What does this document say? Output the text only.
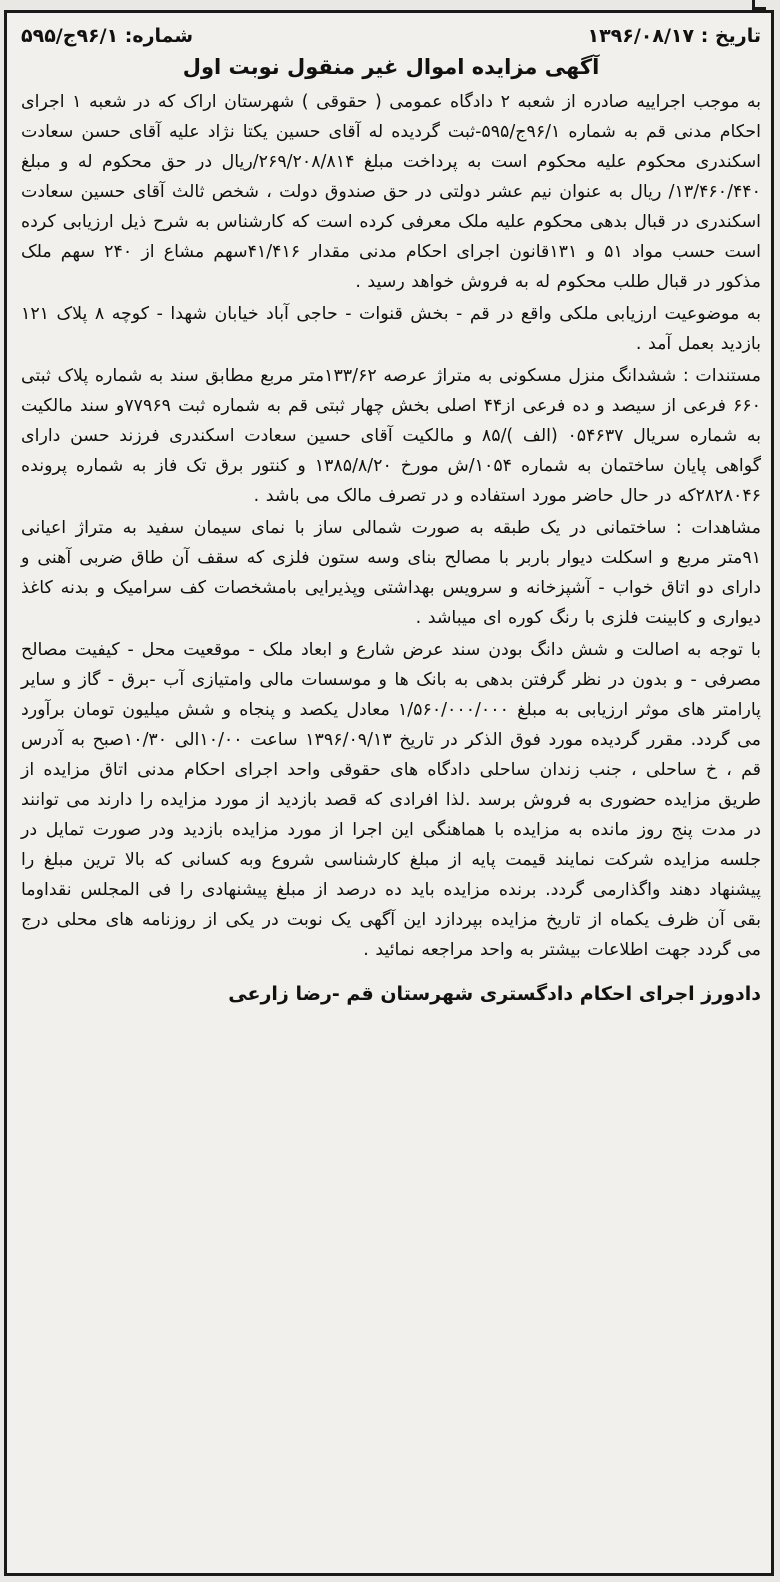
تاریخ : ۱۳۹۶/۰۸/۱۷
شماره: ۹۶/۱ج/۵۹۵
آگهی مزایده اموال غیر منقول نوبت اول

به موجب اجراییه صادره از شعبه ۲ دادگاه عمومی ( حقوقی ) شهرستان اراک که در شعبه ۱ اجرای احکام مدنی قم به شماره ۹۶/۱ج/۵۹۵-ثبت گردیده له آقای حسین یکتا نژاد علیه آقای حسن سعادت اسکندری محکوم علیه محکوم است به پرداخت مبلغ ۲۶۹/۲۰۸/۸۱۴/ریال در حق محکوم له و مبلغ ۱۳/۴۶۰/۴۴۰/ ریال به عنوان نیم عشر دولتی در حق صندوق دولت ، شخص ثالث آقای حسین سعادت اسکندری در قبال بدهی محکوم علیه ملک معرفی کرده است که کارشناس به شرح ذیل ارزیابی کرده است حسب مواد ۵۱ و ۱۳۱قانون اجرای احکام مدنی مقدار ۴۱/۴۱۶سهم مشاع از ۲۴۰ سهم ملک مذکور در قبال طلب محکوم له به فروش خواهد رسید .

به موضوعیت ارزیابی ملکی واقع در قم - بخش قنوات - حاجی آباد خیابان شهدا - کوچه ۸ پلاک ۱۲۱ بازدید بعمل آمد .

مستندات : ششدانگ منزل مسکونی به متراژ عرصه ۱۳۳/۶۲متر مربع مطابق سند به شماره پلاک ثبتی ۶۶۰ فرعی از سیصد و ده فرعی از۴۴ اصلی بخش چهار ثبتی قم به شماره ثبت ۷۷۹۶۹و سند مالکیت به شماره سریال ۰۵۴۶۳۷ (الف )/۸۵ و مالکیت آقای حسین سعادت اسکندری فرزند حسن دارای گواهی پایان ساختمان به شماره ۱۰۵۴/ش مورخ ۱۳۸۵/۸/۲۰ و کنتور برق تک فاز به شماره پرونده ۲۸۲۸۰۴۶که در حال حاضر مورد استفاده و در تصرف مالک می باشد .

مشاهدات : ساختمانی در یک طبقه به صورت شمالی ساز با نمای سیمان سفید به متراژ اعیانی ۹۱متر مربع و اسکلت دیوار باربر با مصالح بنای وسه ستون فلزی که سقف آن طاق ضربی آهنی و دارای دو اتاق خواب - آشپزخانه و سرویس بهداشتی وپذیرایی بامشخصات کف سرامیک و بدنه کاغذ دیواری و کابینت فلزی با رنگ کوره ای میباشد .

با توجه به اصالت و شش دانگ بودن سند عرض شارع و ابعاد ملک - موقعیت محل - کیفیت مصالح مصرفی - و بدون در نظر گرفتن بدهی به بانک ها و موسسات مالی وامتیازی آب -برق - گاز و سایر پارامتر های موثر ارزیابی به مبلغ ۱/۵۶۰/۰۰۰/۰۰۰ معادل یکصد و پنجاه و شش میلیون تومان برآورد می گردد. مقرر گردیده مورد فوق الذکر در تاریخ ۱۳۹۶/۰۹/۱۳ ساعت ۱۰/۰۰الی ۱۰/۳۰صبح به آدرس قم ، خ ساحلی ، جنب زندان ساحلی دادگاه های حقوقی واحد اجرای احکام مدنی اتاق مزایده از طریق مزایده حضوری به فروش برسد .لذا افرادی که قصد بازدید از مورد مزایده را دارند می توانند در مدت پنج روز مانده به مزایده با هماهنگی این اجرا از مورد مزایده بازدید ودر صورت تمایل در جلسه مزایده شرکت نمایند قیمت پایه از مبلغ کارشناسی شروع وبه کسانی که بالا ترین مبلغ را پیشنهاد دهند واگذارمی گردد. برنده مزایده باید ده درصد از مبلغ پیشنهادی را فی المجلس نقداوما بقی آن ظرف یکماه از تاریخ مزایده بپردازد این آگهی یک نوبت در یکی از روزنامه های محلی درج می گردد جهت اطلاعات بیشتر به واحد مراجعه نمائید .

دادورز اجرای احکام دادگستری شهرستان قم -رضا زارعی
